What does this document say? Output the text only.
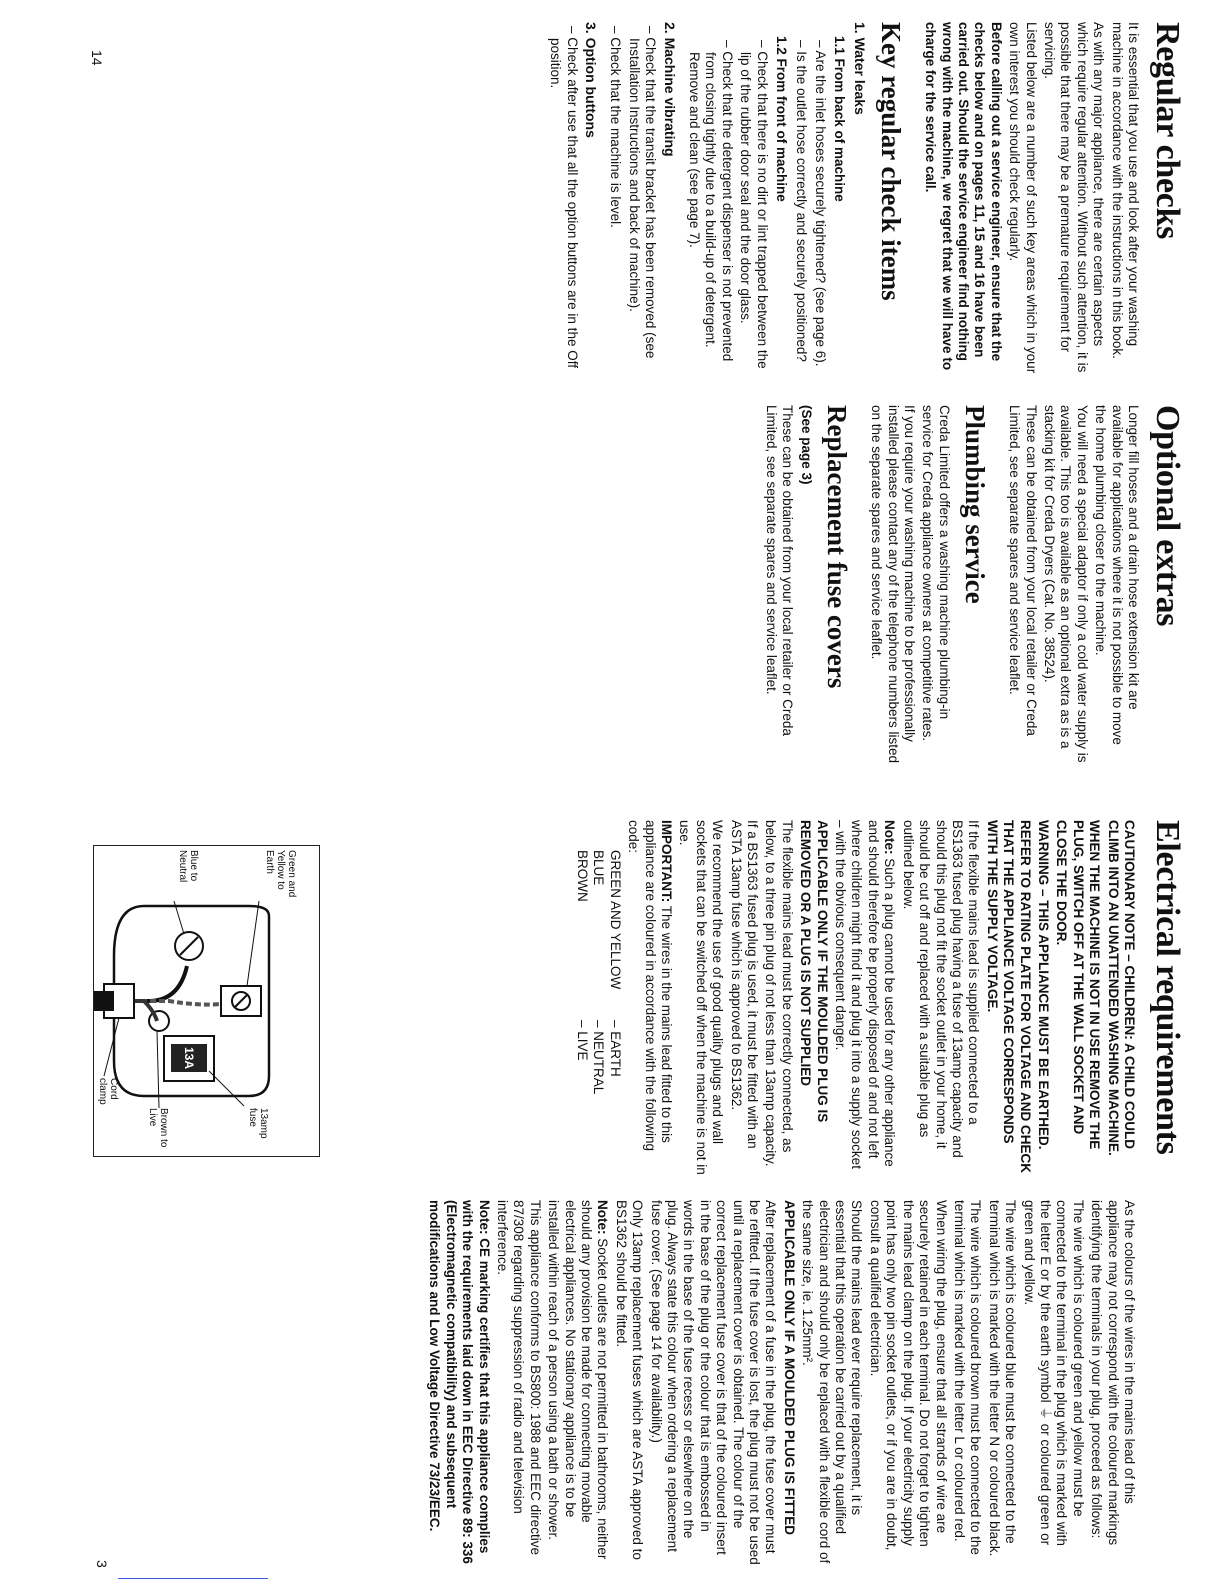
Regular checks

It is essential that you use and look after your washing machine in accordance with the instructions in this book.

As with any major appliance, there are certain aspects which require regular attention. Without such attention, it is possible that there may be a premature requirement for servicing.

Listed below are a number of such key areas which in your own interest you should check regularly.

Before calling out a service engineer, ensure that the checks below and on pages 11, 15 and 16 have been carried out. Should the service engineer find nothing wrong with the machine, we regret that we will have to charge for the service call.

Key regular check items
1. Water leaks
1.1 From back of machine

– Are the inlet hoses securely tightened? (see page 6).

– Is the outlet hose correctly and securely positioned?

1.2 From front of machine

– Check that there is no dirt or lint trapped between the lip of the rubber door seal and the door glass.

– Check that the detergent dispenser is not prevented from closing tightly due to a build-up of detergent. Remove and clean (see page 7).

2. Machine vibrating

– Check that the transit bracket has been removed (see Installation Instructions and back of machine).

– Check that the machine is level.

3. Option buttons

– Check after use that all the option buttons are in the Off position.

Optional extras

Longer fill hoses and a drain hose extension kit are available for applications where it is not possible to move the home plumbing closer to the machine.

You will need a special adaptor if only a cold water supply is available. This too is available as an optional extra as is a stacking kit for Creda Dryers (Cat. No. 38524).

These can be obtained from your local retailer or Creda Limited, see separate spares and service leaflet.

Plumbing service

Creda Limited offers a washing machine plumbing-in service for Creda appliance owners at competitive rates.

If you require your washing machine to be professionally installed please contact any of the telephone numbers listed on the separate spares and service leaflet.

Replacement fuse covers

(See page 3)

These can be obtained from your local retailer or Creda Limited, see separate spares and service leaflet.

14
Electrical requirements

CAUTIONARY NOTE – CHILDREN: A CHILD COULD CLIMB INTO AN UNATTENDED WASHING MACHINE.

WHEN THE MACHINE IS NOT IN USE REMOVE THE PLUG, SWITCH OFF AT THE WALL SOCKET AND CLOSE THE DOOR.

WARNING – THIS APPLIANCE MUST BE EARTHED.

REFER TO RATING PLATE FOR VOLTAGE AND CHECK THAT THE APPLIANCE VOLTAGE CORRESPONDS WITH THE SUPPLY VOLTAGE.

If the flexible mains lead is supplied connected to a BS1363 fused plug having a fuse of 13amp capacity and should this plug not fit the socket outlet in your home, it should be cut off and replaced with a suitable plug as outlined below.

Note: Such a plug cannot be used for any other appliance and should therefore be properly disposed of and not left where children might find it and plug it into a supply socket – with the obvious consequent danger.

APPLICABLE ONLY IF THE MOULDED PLUG IS REMOVED OR A PLUG IS NOT SUPPLIED

The flexible mains lead must be correctly connected, as below, to a three pin plug of not less than 13amp capacity.

If a BS1363 fused plug is used, it must be fitted with an ASTA 13amp fuse which is approved to BS1362.

We recommend the use of good quality plugs and wall sockets that can be switched off when the machine is not in use.

IMPORTANT: The wires in the mains lead fitted to this appliance are coloured in accordance with the following code:

GREEN AND YELLOW
– EARTH
BLUE
– NEUTRAL
BROWN
– LIVE
13A
Green and Yellow to Earth
Blue to Neutral
13amp fuse
Brown to Live
Cord clamp

As the colours of the wires in the mains lead of this appliance may not correspond with the coloured markings identifying the terminals in your plug, proceed as follows:

The wire which is coloured green and yellow must be connected to the terminal in the plug which is marked with the letter E or by the earth symbol ⏚ or coloured green or green and yellow.

The wire which is coloured blue must be connected to the terminal which is marked with the letter N or coloured black.

The wire which is coloured brown must be connected to the terminal which is marked with the letter L or coloured red.

When wiring the plug, ensure that all strands of wire are securely retained in each terminal. Do not forget to tighten the mains lead clamp on the plug. If your electricity supply point has only two pin socket outlets, or if you are in doubt, consult a qualified electrician.

Should the mains lead ever require replacement, it is essential that this operation be carried out by a qualified electrician and should only be replaced with a flexible cord of the same size, ie. 1.25mm².

APPLICABLE ONLY IF A MOULDED PLUG IS FITTED

After replacement of a fuse in the plug, the fuse cover must be refitted. If the fuse cover is lost, the plug must not be used until a replacement cover is obtained. The colour of the correct replacement fuse cover is that of the coloured insert in the base of the plug or the colour that is embossed in words in the base of the fuse recess or elsewhere on the plug. Always state this colour when ordering a replacement fuse cover. (See page 14 for availability.)

Only 13amp replacement fuses which are ASTA approved to BS1362 should be fitted.

Note: Socket outlets are not permitted in bathrooms, neither should any provision be made for connecting movable electrical appliances. No stationary appliance is to be installed within reach of a person using a bath or shower.

This appliance conforms to BS800: 1988 and EEC directive 87/308 regarding suppression of radio and television interference.

Note: CE marking certifies that this appliance complies with the requirements laid down in EEC Directive 89: 336 (Electromagnetic compatibility) and subsequent modifications and Low Voltage Directive 73/23/EEC.

3
